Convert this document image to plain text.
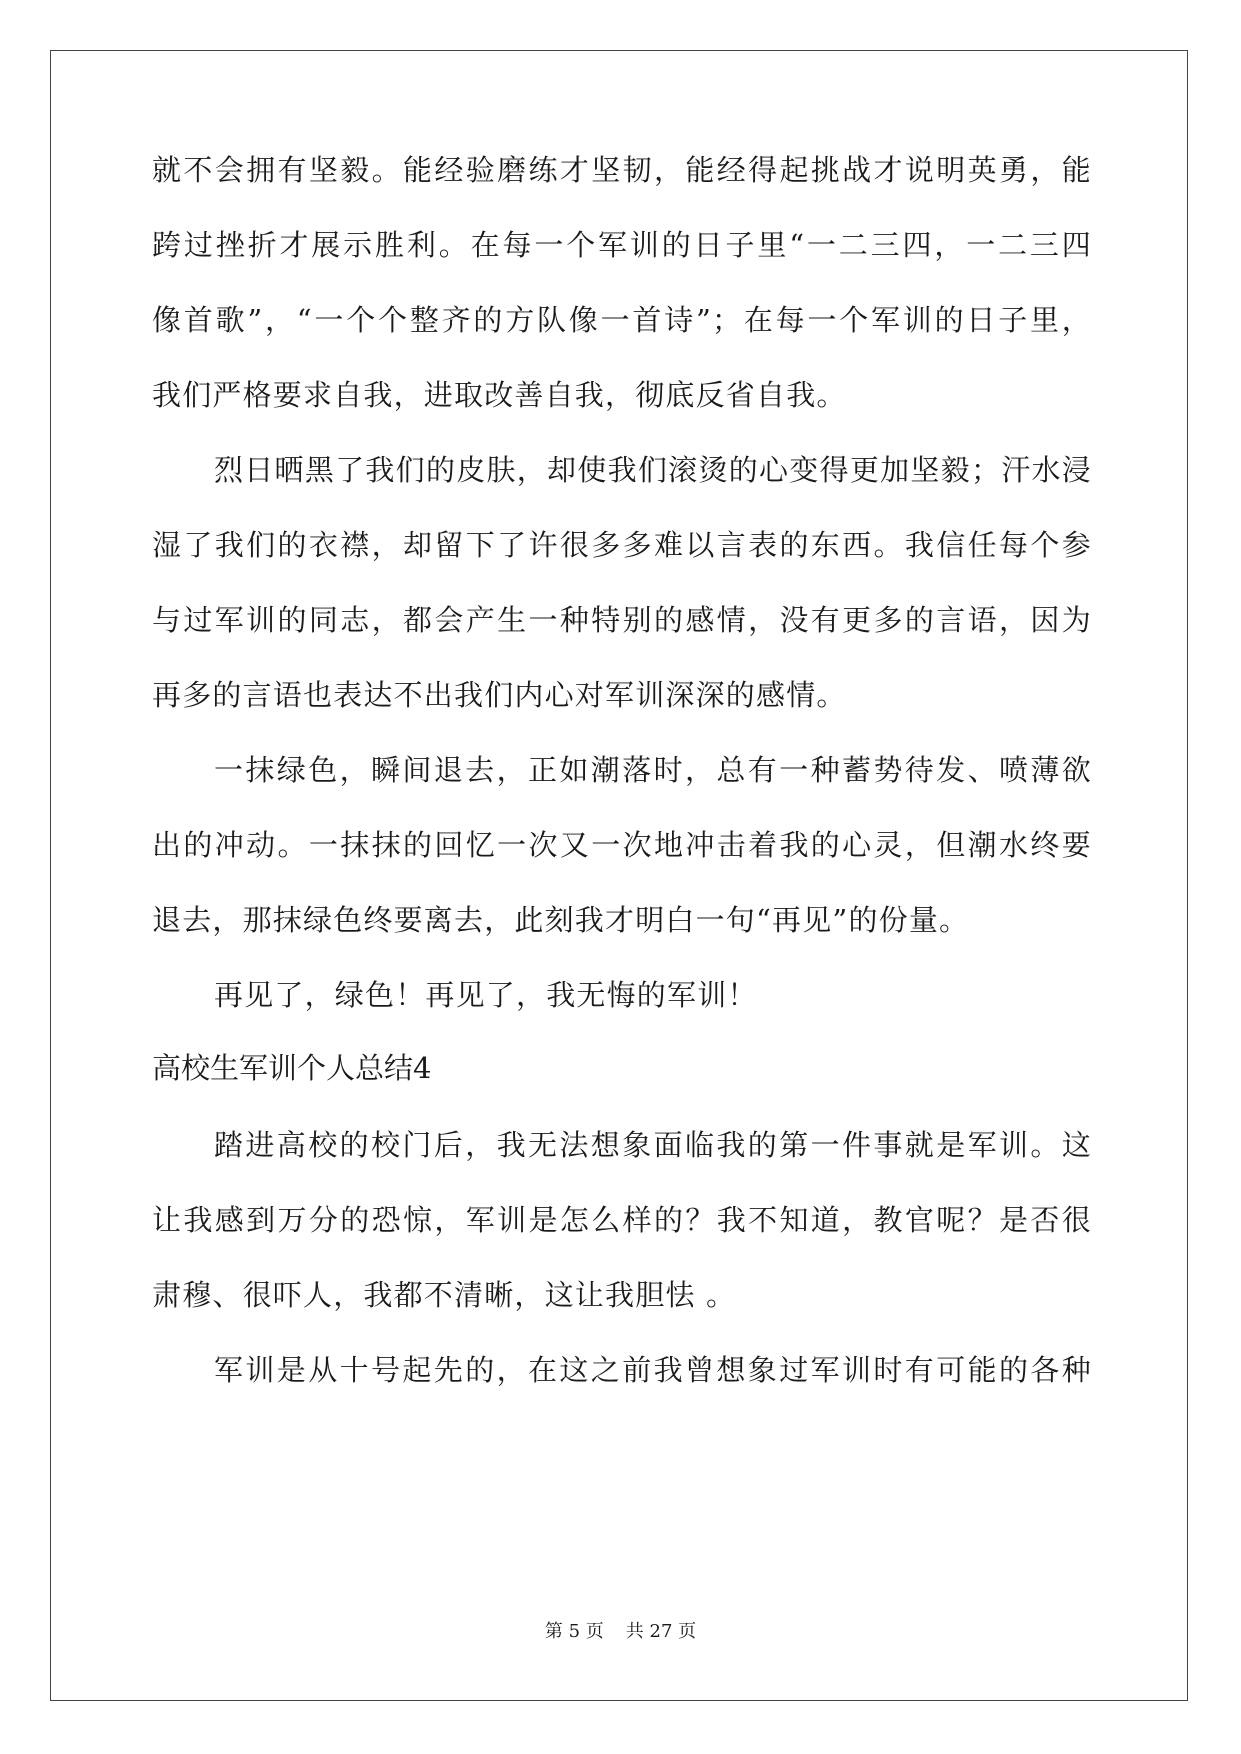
就不会拥有坚毅。能经验磨练才坚韧，能经得起挑战才说明英勇，能
跨过挫折才展示胜利。在每一个军训的日子里“一二三四，一二三四
像首歌”，“一个个整齐的方队像一首诗”；在每一个军训的日子里，
我们严格要求自我，进取改善自我，彻底反省自我。
烈日晒黑了我们的皮肤，却使我们滚烫的心变得更加坚毅；汗水浸
湿了我们的衣襟，却留下了许很多多难以言表的东西。我信任每个参
与过军训的同志，都会产生一种特别的感情，没有更多的言语，因为
再多的言语也表达不出我们内心对军训深深的感情。
一抹绿色，瞬间退去，正如潮落时，总有一种蓄势待发、喷薄欲
出的冲动。一抹抹的回忆一次又一次地冲击着我的心灵，但潮水终要
退去，那抹绿色终要离去，此刻我才明白一句“再见”的份量。
再见了，绿色！再见了，我无悔的军训！
高校生军训个人总结4
踏进高校的校门后，我无法想象面临我的第一件事就是军训。这
让我感到万分的恐惊，军训是怎么样的？我不知道，教官呢？是否很
肃穆、很吓人，我都不清晰，这让我胆怯 。
军训是从十号起先的，在这之前我曾想象过军训时有可能的各种
第 5 页 共 27 页
